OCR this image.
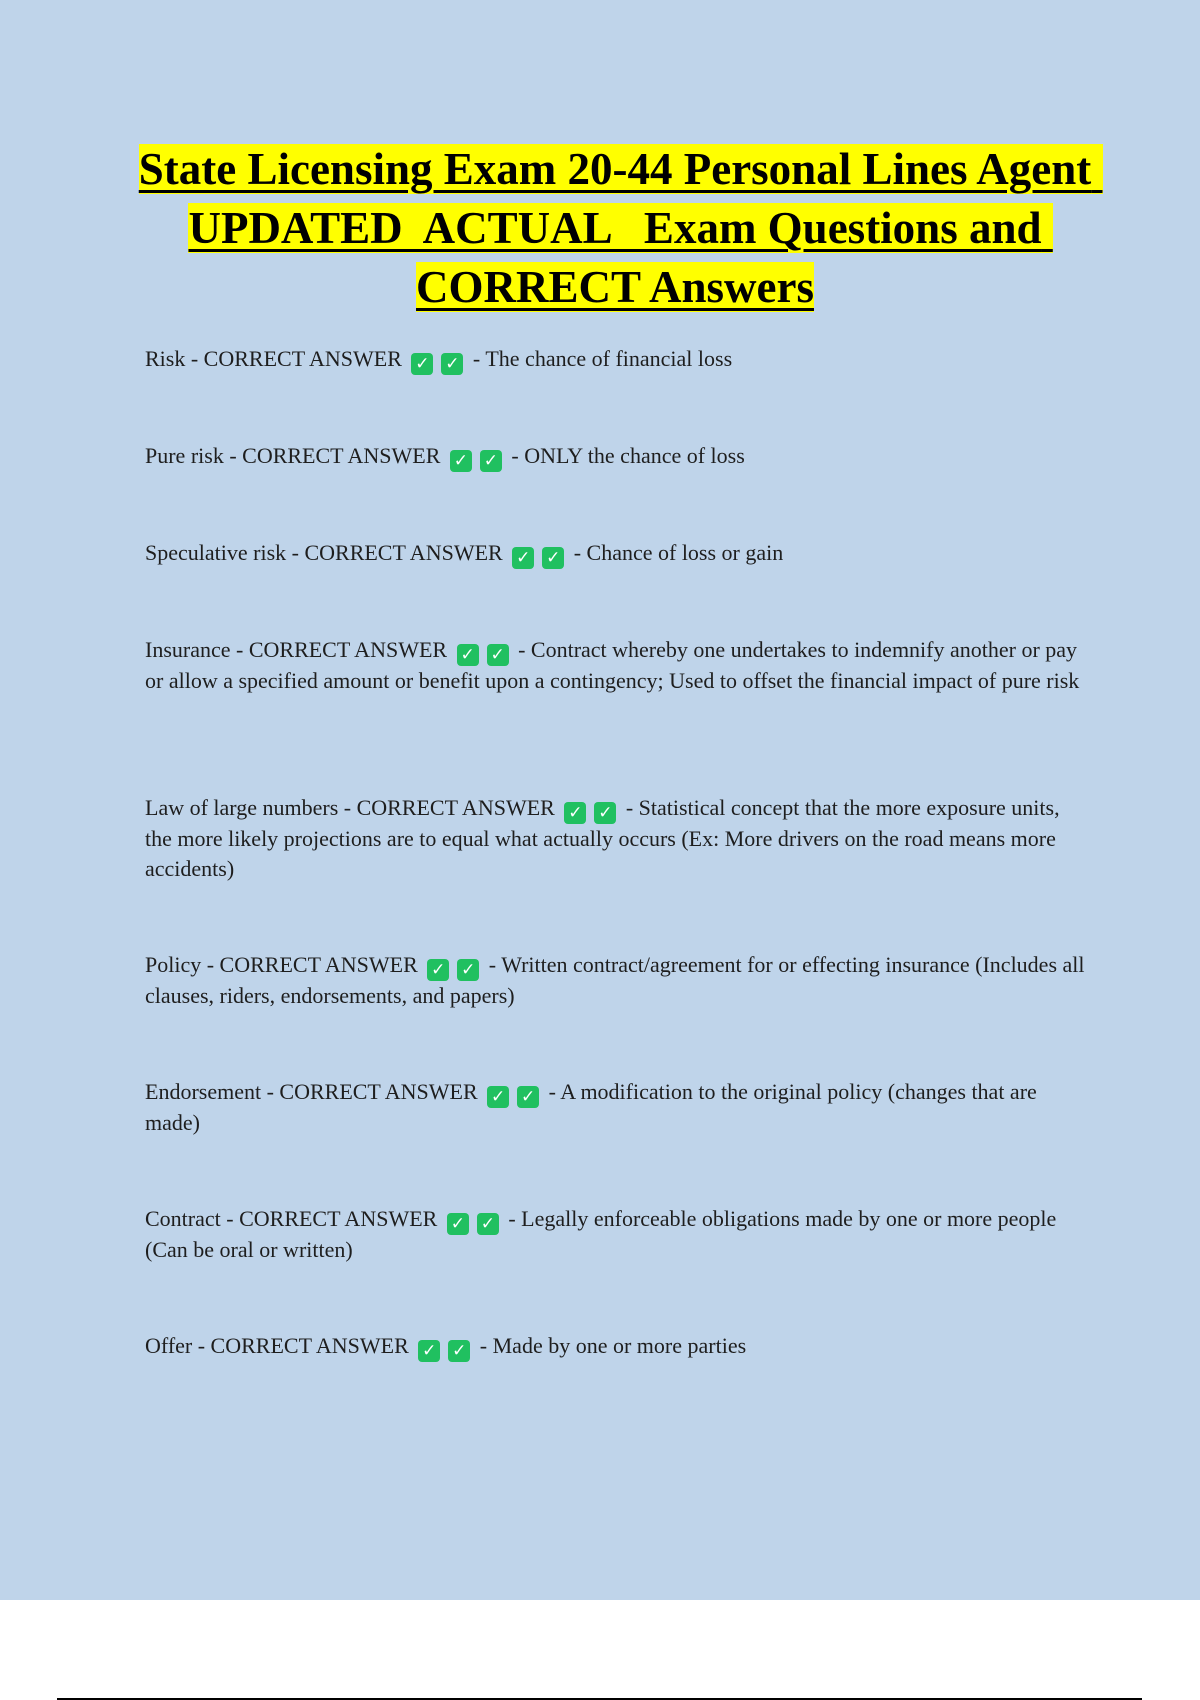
State Licensing Exam 20-44 Personal Lines Agent UPDATED  ACTUAL   Exam Questions and CORRECT Answers

Risk - CORRECT ANSWER ✓ ✓ - The chance of financial loss

Pure risk - CORRECT ANSWER ✓ ✓ - ONLY the chance of loss

Speculative risk - CORRECT ANSWER ✓ ✓ - Chance of loss or gain

Insurance - CORRECT ANSWER ✓ ✓ - Contract whereby one undertakes to indemnify another or pay or allow a specified amount or benefit upon a contingency; Used to offset the financial impact of pure risk

Law of large numbers - CORRECT ANSWER ✓ ✓ - Statistical concept that the more exposure units, the more likely projections are to equal what actually occurs (Ex: More drivers on the road means more accidents)

Policy - CORRECT ANSWER ✓ ✓ - Written contract/agreement for or effecting insurance (Includes all clauses, riders, endorsements, and papers)

Endorsement - CORRECT ANSWER ✓ ✓ - A modification to the original policy (changes that are made)

Contract - CORRECT ANSWER ✓ ✓ - Legally enforceable obligations made by one or more people (Can be oral or written)

Offer - CORRECT ANSWER ✓ ✓ - Made by one or more parties
